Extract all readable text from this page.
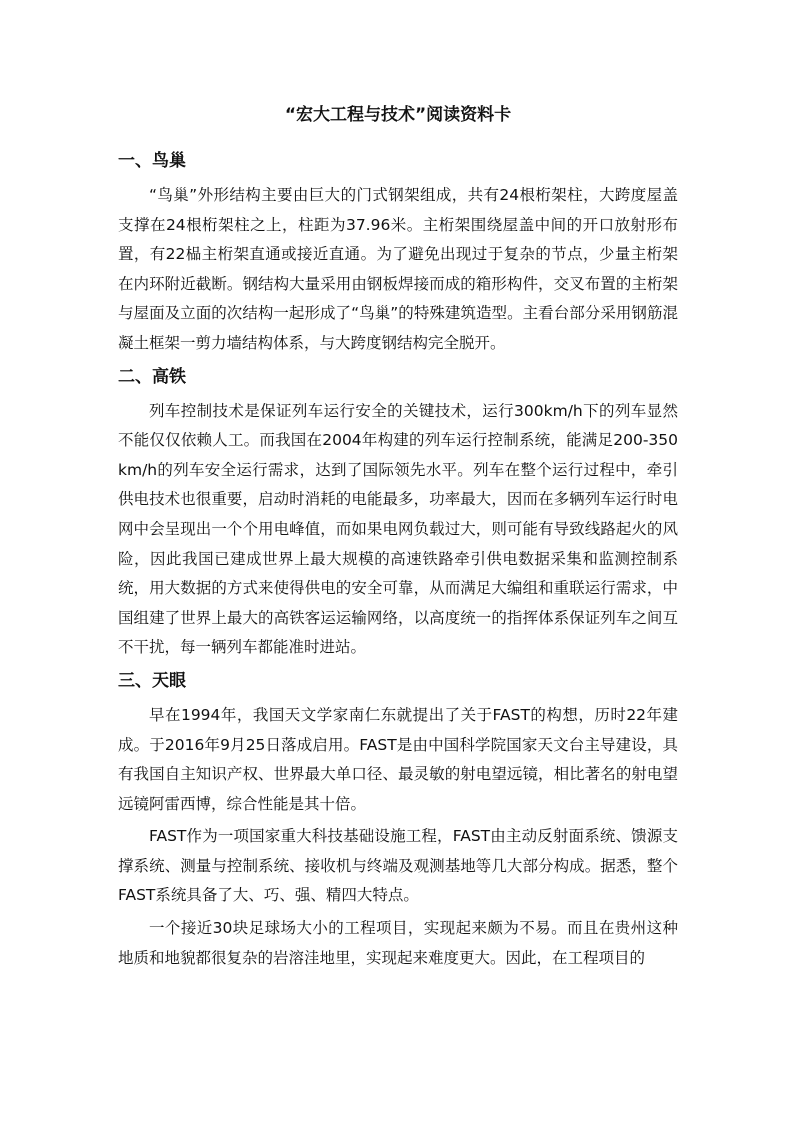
“宏大工程与技术”阅读资料卡
一、鸟巢

“鸟巢”外形结构主要由巨大的门式钢架组成，共有24根桁架柱，大跨度屋盖支撑在24根桁架柱之上，柱距为37.96米。主桁架围绕屋盖中间的开口放射形布置，有22榀主桁架直通或接近直通。为了避免出现过于复杂的节点，少量主桁架在内环附近截断。钢结构大量采用由钢板焊接而成的箱形构件，交叉布置的主桁架与屋面及立面的次结构一起形成了“鸟巢”的特殊建筑造型。主看台部分采用钢筋混凝土框架一剪力墙结构体系，与大跨度钢结构完全脱开。

二、高铁

列车控制技术是保证列车运行安全的关键技术，运行300km/h下的列车显然不能仅仅依赖人工。而我国在2004年构建的列车运行控制系统，能满足200-350km/h的列车安全运行需求，达到了国际领先水平。列车在整个运行过程中，牵引供电技术也很重要，启动时消耗的电能最多，功率最大，因而在多辆列车运行时电网中会呈现出一个个用电峰值，而如果电网负载过大，则可能有导致线路起火的风险，因此我国已建成世界上最大规模的高速铁路牵引供电数据采集和监测控制系统，用大数据的方式来使得供电的安全可靠，从而满足大编组和重联运行需求，中国组建了世界上最大的高铁客运运输网络，以高度统一的指挥体系保证列车之间互不干扰，每一辆列车都能准时进站。

三、天眼

早在1994年，我国天文学家南仁东就提出了关于FAST的构想，历时22年建成。于2016年9月25日落成启用。FAST是由中国科学院国家天文台主导建设，具有我国自主知识产权、世界最大单口径、最灵敏的射电望远镜，相比著名的射电望远镜阿雷西博，综合性能是其十倍。

FAST作为一项国家重大科技基础设施工程，FAST由主动反射面系统、馈源支撑系统、测量与控制系统、接收机与终端及观测基地等几大部分构成。据悉，整个FAST系统具备了大、巧、强、精四大特点。

一个接近30块足球场大小的工程项目，实现起来颇为不易。而且在贵州这种地质和地貌都很复杂的岩溶洼地里，实现起来难度更大。因此，在工程项目的
